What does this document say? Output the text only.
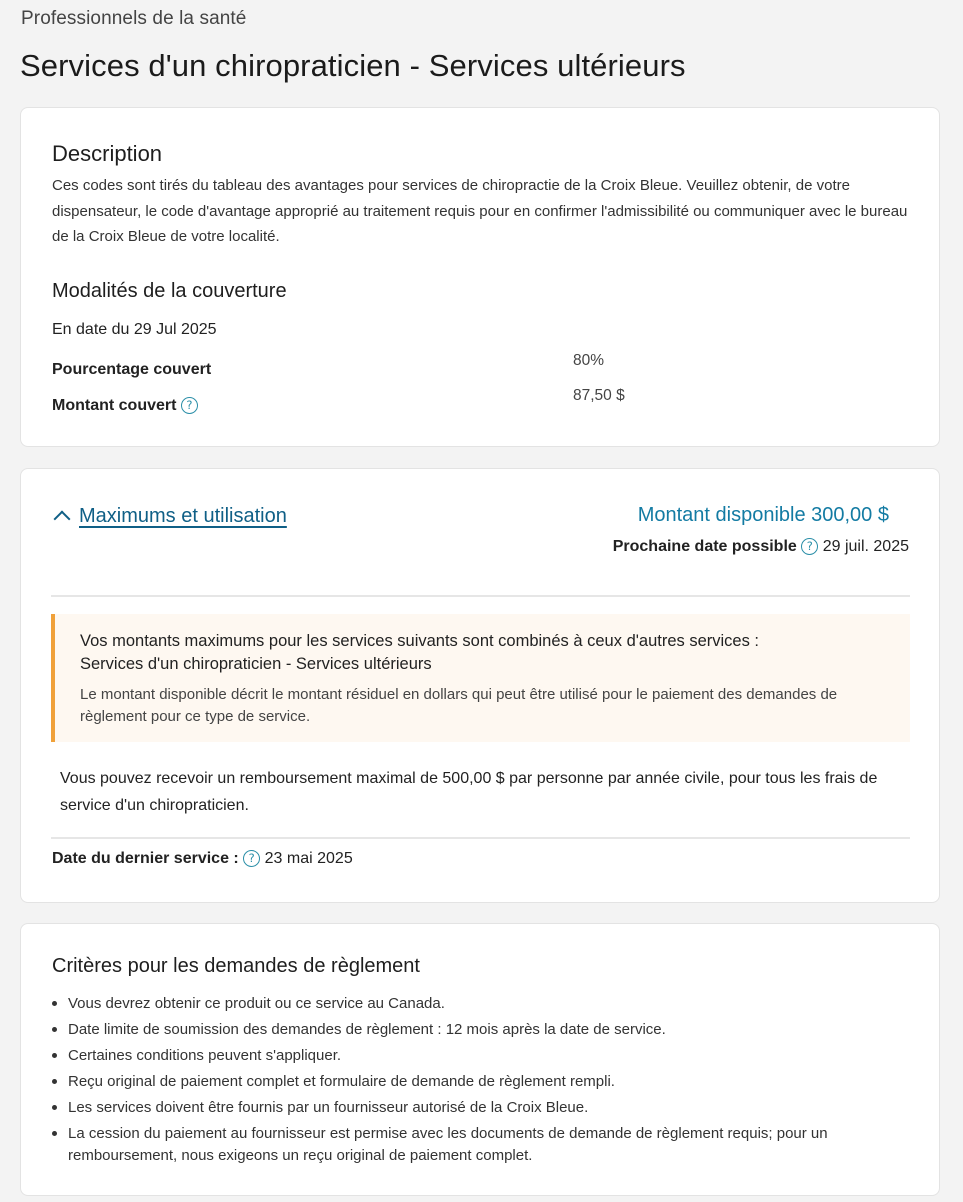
Professionnels de la santé
Services d'un chiropraticien - Services ultérieurs
Description

Ces codes sont tirés du tableau des avantages pour services de chiropractie de la Croix Bleue. Veuillez obtenir, de votre dispensateur, le code d'avantage approprié au traitement requis pour en confirmer l'admissibilité ou communiquer avec le bureau de la Croix Bleue de votre localité.

Modalités de la couverture
En date du 29 Jul 2025
Pourcentage couvert
80%
Montant couvert ?
87,50 $
Maximums et utilisation	Montant disponible 300,00 $
Prochaine date possible ? 29 juil. 2025
Vos montants maximums pour les services suivants sont combinés à ceux d'autres services :
Services d'un chiropraticien - Services ultérieurs
Le montant disponible décrit le montant résiduel en dollars qui peut être utilisé pour le paiement des demandes de règlement pour ce type de service.

Vous pouvez recevoir un remboursement maximal de 500,00 $ par personne par année civile, pour tous les frais de service d'un chiropraticien.

Date du dernier service : ? 23 mai 2025
Critères pour les demandes de règlement
Vous devrez obtenir ce produit ou ce service au Canada.
Date limite de soumission des demandes de règlement : 12 mois après la date de service.
Certaines conditions peuvent s'appliquer.
Reçu original de paiement complet et formulaire de demande de règlement rempli.
Les services doivent être fournis par un fournisseur autorisé de la Croix Bleue.
La cession du paiement au fournisseur est permise avec les documents de demande de règlement requis; pour un remboursement, nous exigeons un reçu original de paiement complet.
